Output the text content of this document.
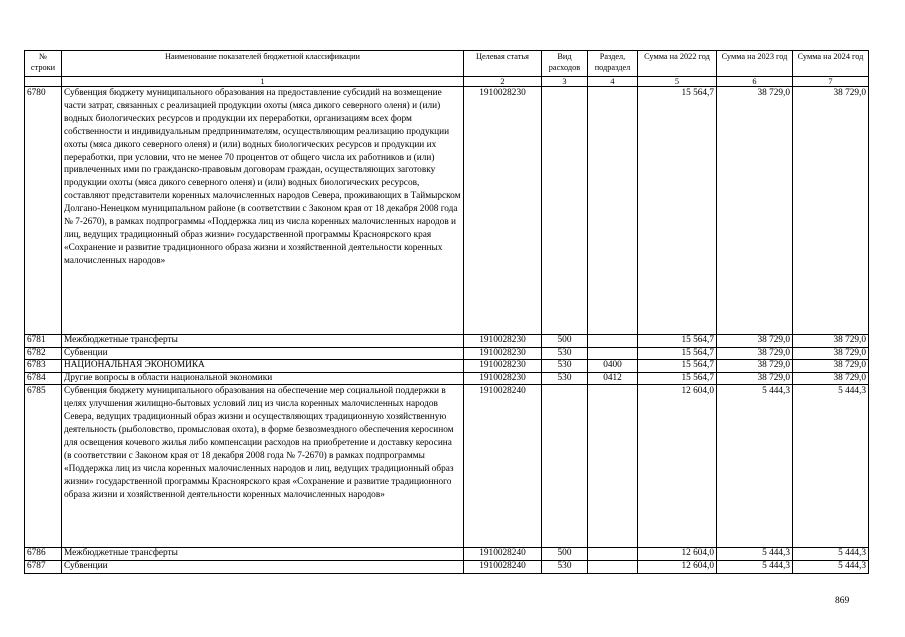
№ строки	Наименование показателей бюджетной классификации	Целевая статья	Вид расходов	Раздел, подраздел	Сумма на 2022 год	Сумма на 2023 год	Сумма на 2024 год
	1	2	3	4	5	6	7
6780	Субвенция бюджету муниципального образования на предоставление субсидий на возмещение части затрат, связанных с реализацией продукции охоты (мяса дикого северного оленя) и (или) водных биологических ресурсов и продукции их переработки, организациям всех форм собственности и индивидуальным предпринимателям, осуществляющим реализацию продукции охоты (мяса дикого северного оленя) и (или) водных биологических ресурсов и продукции их переработки, при условии, что не менее 70 процентов от общего числа их работников и (или) привлеченных ими по гражданско-правовым договорам граждан, осуществляющих заготовку продукции охоты (мяса дикого северного оленя) и (или) водных биологических ресурсов, составляют представители коренных малочисленных народов Севера, проживающих в Таймырском Долгано-Ненецком муниципальном районе (в соответствии с Законом края от 18 декабря 2008 года № 7-2670), в рамках подпрограммы «Поддержка лиц из числа коренных малочисленных народов и лиц, ведущих традиционный образ жизни» государственной программы Красноярского края «Сохранение и развитие традиционного образа жизни и хозяйственной деятельности коренных малочисленных народов»	1910028230			15 564,7	38 729,0	38 729,0
6781	Межбюджетные трансферты	1910028230	500		15 564,7	38 729,0	38 729,0
6782	Субвенции	1910028230	530		15 564,7	38 729,0	38 729,0
6783	НАЦИОНАЛЬНАЯ ЭКОНОМИКА	1910028230	530	0400	15 564,7	38 729,0	38 729,0
6784	Другие вопросы в области национальной экономики	1910028230	530	0412	15 564,7	38 729,0	38 729,0
6785	Субвенция бюджету муниципального образования на обеспечение мер социальной поддержки в целях улучшения жилищно-бытовых условий лиц из числа коренных малочисленных народов Севера, ведущих традиционный образ жизни и осуществляющих традиционную хозяйственную деятельность (рыболовство, промысловая охота), в форме безвозмездного обеспечения керосином для освещения кочевого жилья либо компенсации расходов на приобретение и доставку керосина (в соответствии с Законом края от 18 декабря 2008 года № 7-2670) в рамках подпрограммы «Поддержка лиц из числа коренных малочисленных народов и лиц, ведущих традиционный образ жизни» государственной программы Красноярского края «Сохранение и развитие традиционного образа жизни и хозяйственной деятельности коренных малочисленных народов»	1910028240			12 604,0	5 444,3	5 444,3
6786	Межбюджетные трансферты	1910028240	500		12 604,0	5 444,3	5 444,3
6787	Субвенции	1910028240	530		12 604,0	5 444,3	5 444,3
869
